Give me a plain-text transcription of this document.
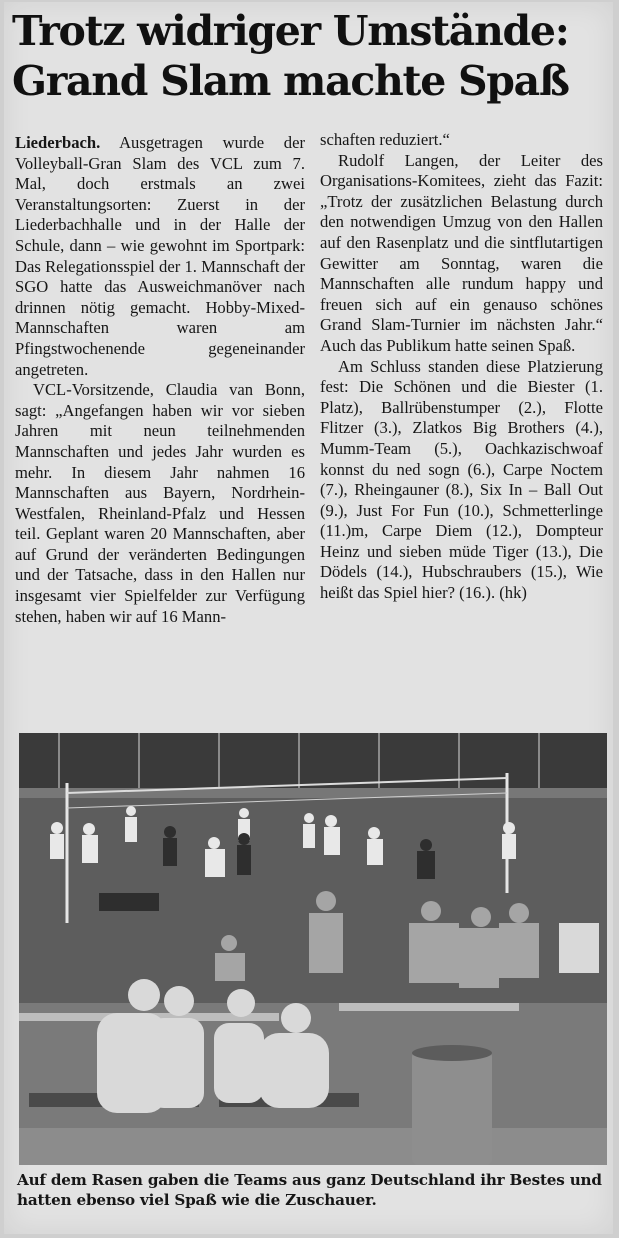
Trotz widriger Umstände:
Grand Slam machte Spaß

Liederbach. Ausgetragen wurde der Volleyball-Gran Slam des VCL zum 7. Mal, doch erstmals an zwei Veranstaltungsorten: Zuerst in der Liederbachhalle und in der Halle der Schule, dann – wie gewohnt im Sportpark: Das Relegationsspiel der 1. Mannschaft der SGO hatte das Ausweichmanöver nach drinnen nötig gemacht. Hobby-Mixed-Mannschaften waren am Pfingstwochenende gegeneinander angetreten.

VCL-Vorsitzende, Claudia van Bonn, sagt: „Angefangen haben wir vor sieben Jahren mit neun teilnehmenden Mannschaften und jedes Jahr wurden es mehr. In diesem Jahr nahmen 16 Mannschaften aus Bayern, Nordrhein-Westfalen, Rheinland-Pfalz und Hessen teil. Geplant waren 20 Mannschaften, aber auf Grund der veränderten Bedingungen und der Tatsache, dass in den Hallen nur insgesamt vier Spielfelder zur Verfügung stehen, haben wir auf 16 Mann-

schaften reduziert.“

Rudolf Langen, der Leiter des Organisations-Komitees, zieht das Fazit: „Trotz der zusätzlichen Belastung durch den notwendigen Umzug von den Hallen auf den Rasenplatz und die sintflutartigen Gewitter am Sonntag, waren die Mannschaften alle rundum happy und freuen sich auf ein genauso schönes Grand Slam-Turnier im nächsten Jahr.“ Auch das Publikum hatte seinen Spaß.

Am Schluss standen diese Platzierung fest: Die Schönen und die Biester (1. Platz), Ballrübenstumper (2.), Flotte Flitzer (3.), Zlatkos Big Brothers (4.), Mumm-Team (5.), Oachkazischwoaf konnst du ned sogn (6.), Carpe Noctem (7.), Rheingauner (8.), Six In – Ball Out (9.), Just For Fun (10.), Schmetterlinge (11.)m, Carpe Diem (12.), Dompteur Heinz und sieben müde Tiger (13.), Die Dödels (14.), Hubschraubers (15.), Wie heißt das Spiel hier? (16.). (hk)

Auf dem Rasen gaben die Teams aus ganz Deutschland ihr Bestes und hatten ebenso viel Spaß wie die Zuschauer.
